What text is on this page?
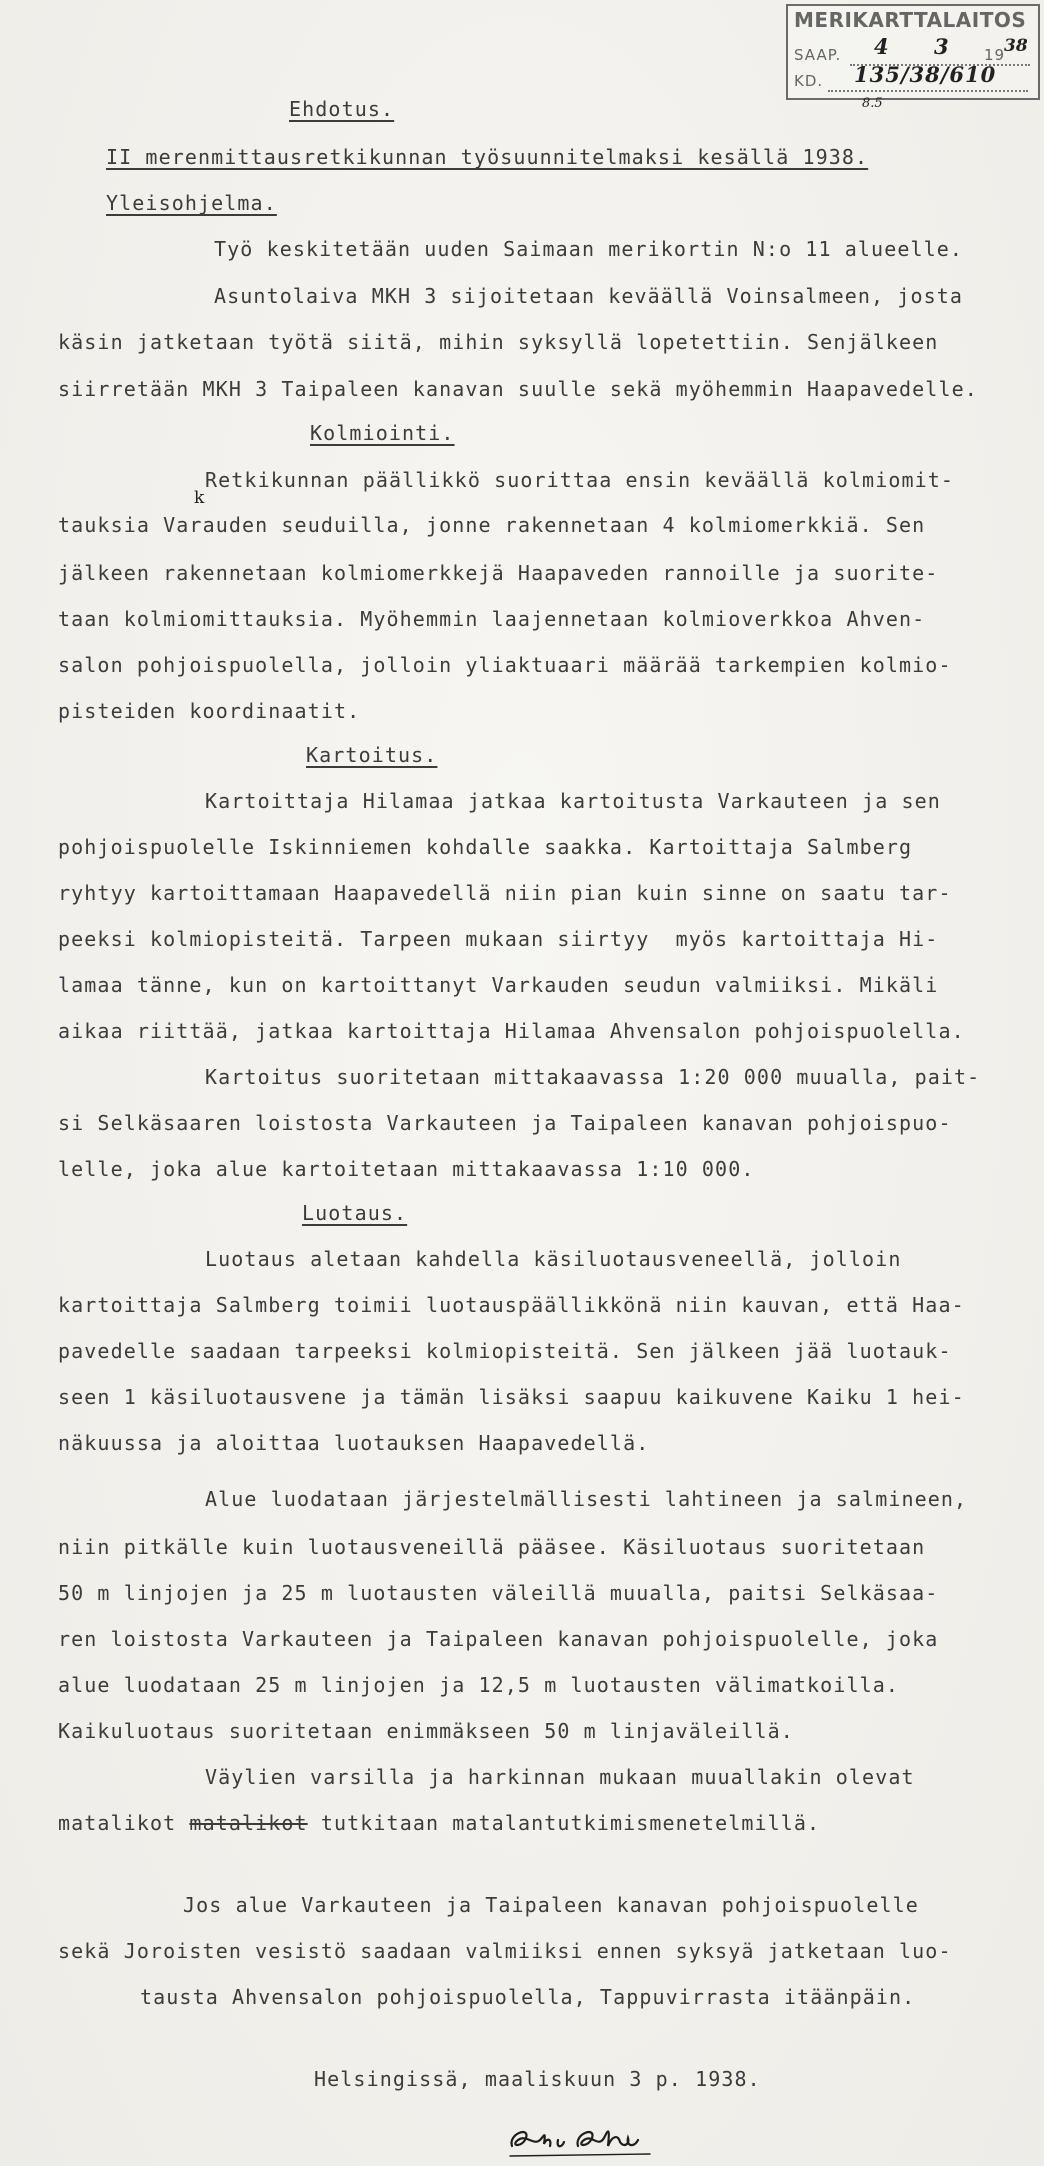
MERIKARTTALAITOS
SAAP. 4 3 19
38
KD. 135/38/610
8.5
Ehdotus.
II merenmittausretkikunnan työsuunnitelmaksi kesällä 1938.
Yleisohjelma.
Työ keskitetään uuden Saimaan merikortin N:o 11 alueelle.
Asuntolaiva MKH 3 sijoitetaan keväällä Voinsalmeen, josta
käsin jatketaan työtä siitä, mihin syksyllä lopetettiin. Senjälkeen
siirretään MKH 3 Taipaleen kanavan suulle sekä myöhemmin Haapavedelle.
Kolmiointi.
Retkikunnan päällikkö suorittaa ensin keväällä kolmiomit-
tauksia Varauden seuduilla, jonne rakennetaan 4 kolmiomerkkiä. Sen
k
jälkeen rakennetaan kolmiomerkkejä Haapaveden rannoille ja suorite-
taan kolmiomittauksia. Myöhemmin laajennetaan kolmioverkkoa Ahven-
salon pohjoispuolella, jolloin yliaktuaari määrää tarkempien kolmio-
pisteiden koordinaatit.
Kartoitus.
Kartoittaja Hilamaa jatkaa kartoitusta Varkauteen ja sen
pohjoispuolelle Iskinniemen kohdalle saakka. Kartoittaja Salmberg
ryhtyy kartoittamaan Haapavedellä niin pian kuin sinne on saatu tar-
peeksi kolmiopisteitä. Tarpeen mukaan siirtyy  myös kartoittaja Hi-
lamaa tänne, kun on kartoittanyt Varkauden seudun valmiiksi. Mikäli
aikaa riittää, jatkaa kartoittaja Hilamaa Ahvensalon pohjoispuolella.
Kartoitus suoritetaan mittakaavassa 1:20 000 muualla, pait-
si Selkäsaaren loistosta Varkauteen ja Taipaleen kanavan pohjoispuo-
lelle, joka alue kartoitetaan mittakaavassa 1:10 000.
Luotaus.
Luotaus aletaan kahdella käsiluotausveneellä, jolloin
kartoittaja Salmberg toimii luotauspäällikkönä niin kauvan, että Haa-
pavedelle saadaan tarpeeksi kolmiopisteitä. Sen jälkeen jää luotauk-
seen 1 käsiluotausvene ja tämän lisäksi saapuu kaikuvene Kaiku 1 hei-
näkuussa ja aloittaa luotauksen Haapavedellä.
Alue luodataan järjestelmällisesti lahtineen ja salmineen,
niin pitkälle kuin luotausveneillä pääsee. Käsiluotaus suoritetaan
50 m linjojen ja 25 m luotausten väleillä muualla, paitsi Selkäsaa-
ren loistosta Varkauteen ja Taipaleen kanavan pohjoispuolelle, joka
alue luodataan 25 m linjojen ja 12,5 m luotausten välimatkoilla.
Kaikuluotaus suoritetaan enimmäkseen 50 m linjaväleillä.
Väylien varsilla ja harkinnan mukaan muuallakin olevat
matalikot matalikot tutkitaan matalantutkimismenetelmillä.
Jos alue Varkauteen ja Taipaleen kanavan pohjoispuolelle
sekä Joroisten vesistö saadaan valmiiksi ennen syksyä jatketaan luo-
tausta Ahvensalon pohjoispuolella, Tappuvirrasta itäänpäin.
Helsingissä, maaliskuun 3 p. 1938.
